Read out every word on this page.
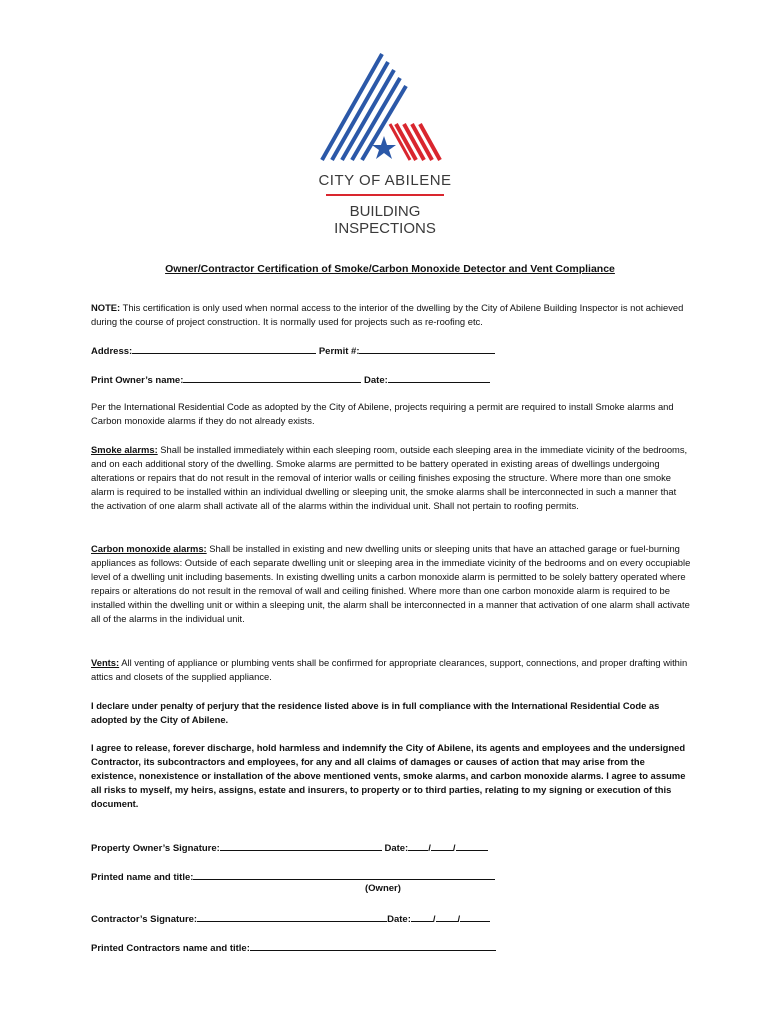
CITY OF ABILENE
BUILDING
INSPECTIONS
Owner/Contractor Certification of Smoke/Carbon Monoxide Detector and Vent Compliance

NOTE: This certification is only used when normal access to the interior of the dwelling by the City of Abilene Building Inspector is not achieved during the course of project construction. It is normally used for projects such as re-roofing etc.

Address:	Permit #:
Print Owner’s name:	Date:

Per the International Residential Code as adopted by the City of Abilene, projects requiring a permit are required to install Smoke alarms and Carbon monoxide alarms if they do not already exists.

Smoke alarms: Shall be installed immediately within each sleeping room, outside each sleeping area in the immediate vicinity of the bedrooms, and on each additional story of the dwelling. Smoke alarms are permitted to be battery operated in existing areas of dwellings undergoing alterations or repairs that do not result in the removal of interior walls or ceiling finishes exposing the structure. Where more than one smoke alarm is required to be installed within an individual dwelling or sleeping unit, the smoke alarms shall be interconnected in such a manner that the activation of one alarm shall activate all of the alarms within the individual unit. Shall not pertain to roofing permits.

Carbon monoxide alarms: Shall be installed in existing and new dwelling units or sleeping units that have an attached garage or fuel-burning appliances as follows: Outside of each separate dwelling unit or sleeping area in the immediate vicinity of the bedrooms and on every occupiable level of a dwelling unit including basements. In existing dwelling units a carbon monoxide alarm is permitted to be solely battery operated where repairs or alterations do not result in the removal of wall and ceiling finished. Where more than one carbon monoxide alarm is required to be installed within the dwelling unit or within a sleeping unit, the alarm shall be interconnected in a manner that activation of one alarm shall activate all of the alarms in the individual unit.

Vents: All venting of appliance or plumbing vents shall be confirmed for appropriate clearances, support, connections, and proper drafting within attics and closets of the supplied appliance.

I declare under penalty of perjury that the residence listed above is in full compliance with the International Residential Code as adopted by the City of Abilene.

I agree to release, forever discharge, hold harmless and indemnify the City of Abilene, its agents and employees and the undersigned Contractor, its subcontractors and employees, for any and all claims of damages or causes of action that may arise from the existence, nonexistence or installation of the above mentioned vents, smoke alarms, and carbon monoxide alarms. I agree to assume all risks to myself, my heirs, assigns, estate and insurers, to property or to third parties, relating to my signing or execution of this document.

Property Owner’s Signature:	Date: / /
Printed name and title:
(Owner)
Contractor’s Signature:	Date: / /
Printed Contractors name and title:
